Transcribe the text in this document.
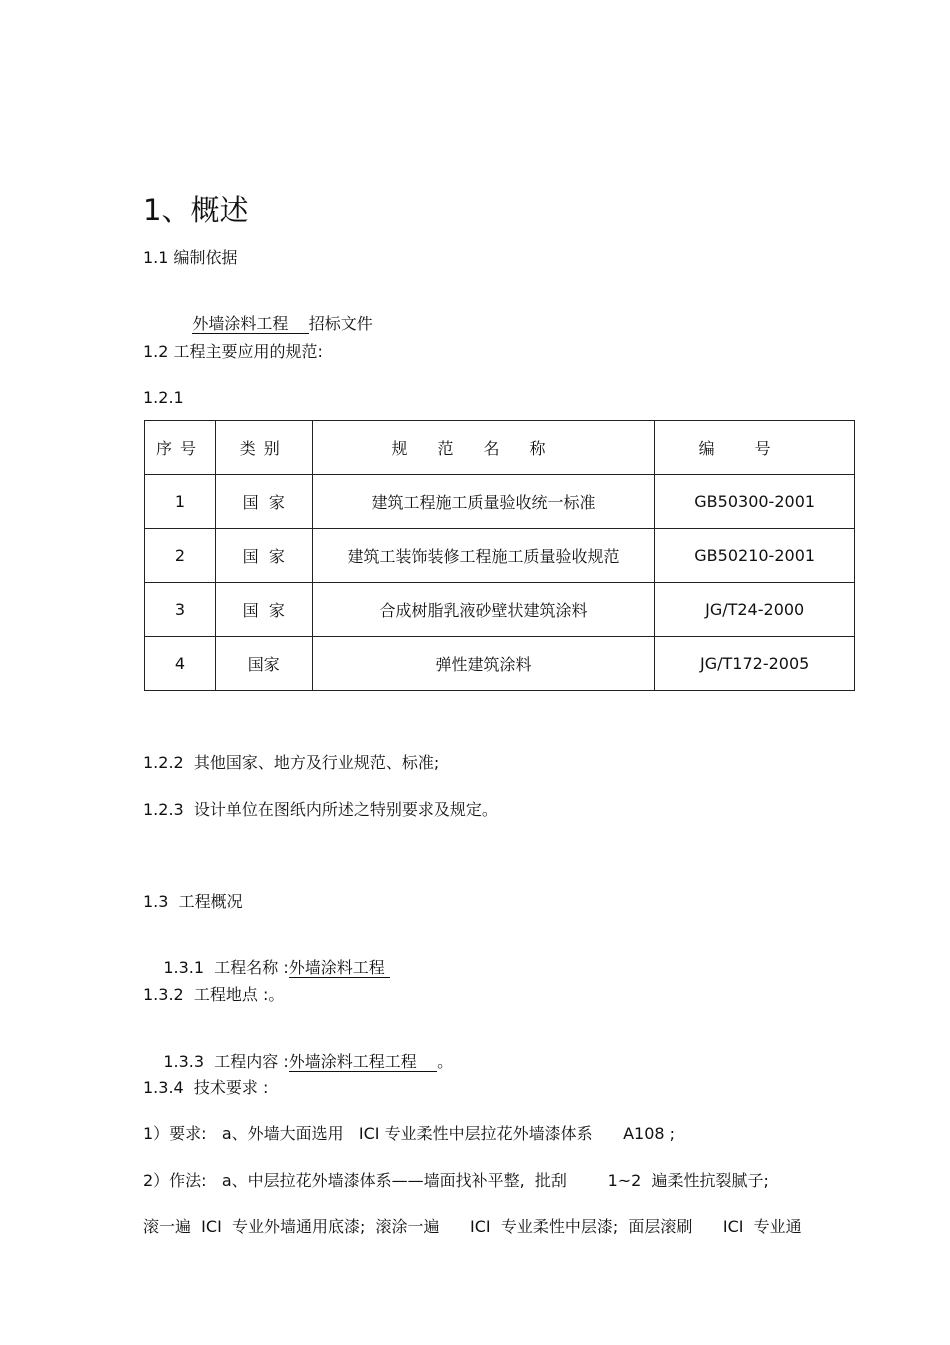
1、概述
1.1 编制依据

外墙涂料工程    招标文件

1.2 工程主要应用的规范:
1.2.1
序号	类别	规范名称	编号
1	国  家	建筑工程施工质量验收统一标准	GB50300-2001
2	国  家	建筑工装饰装修工程施工质量验收规范	GB50210-2001
3	国  家	合成树脂乳液砂壁状建筑涂料	JG/T24-2000
4	国家	弹性建筑涂料	JG/T172-2005
1.2.2  其他国家、地方及行业规范、标准;
1.2.3  设计单位在图纸内所述之特别要求及规定。
1.3  工程概况

1.3.1  工程名称 :外墙涂料工程

1.3.2  工程地点 :。

1.3.3  工程内容 :外墙涂料工程工程    。

1.3.4  技术要求 :
1）要求:   a、外墙大面选用   ICI 专业柔性中层拉花外墙漆体系      A108 ;
2）作法:   a、中层拉花外墙漆体系——墙面找补平整,  批刮        1~2  遍柔性抗裂腻子;
滚一遍  ICI  专业外墙通用底漆;  滚涂一遍      ICI  专业柔性中层漆;  面层滚刷      ICI  专业通
